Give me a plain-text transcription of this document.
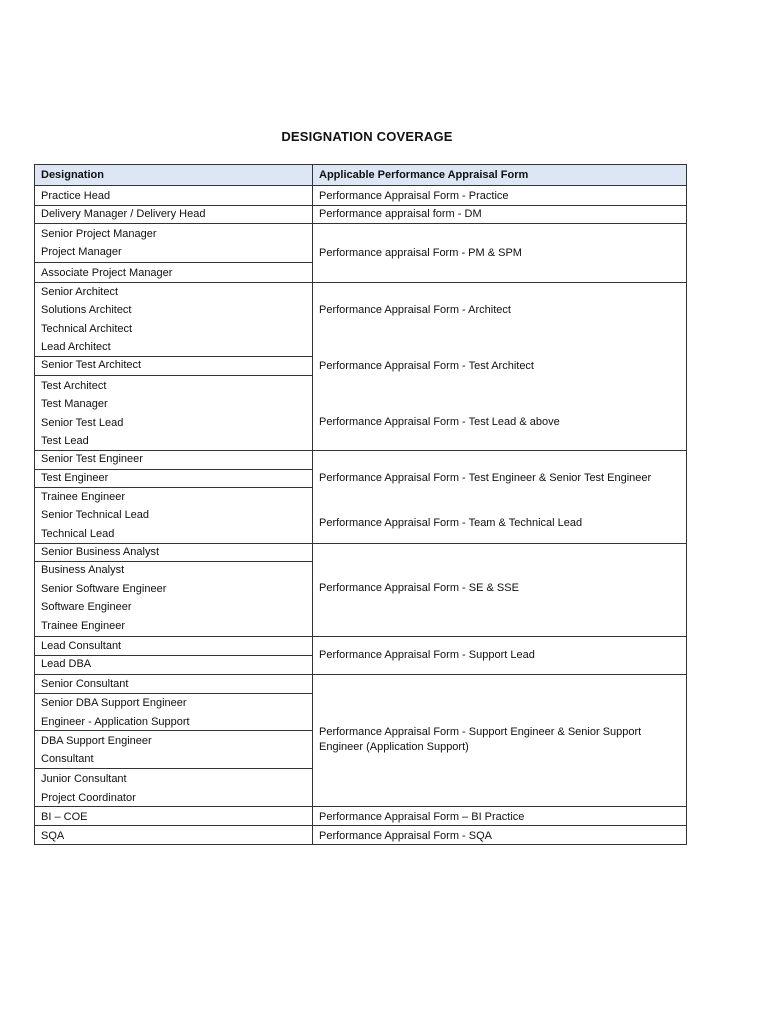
DESIGNATION COVERAGE
Designation	Applicable Performance Appraisal Form
Practice Head
Delivery Manager / Delivery Head
Senior Project Manager
Project Manager
Associate Project Manager
Senior Architect
Solutions Architect
Technical Architect
Lead Architect
Senior Test Architect
Test Architect
Test Manager
Senior Test Lead
Test Lead
Senior Test Engineer
Test Engineer
Trainee Engineer
Senior Technical Lead
Technical Lead
Senior Business Analyst
Business Analyst
Senior Software Engineer
Software Engineer
Trainee Engineer
Lead Consultant
Lead DBA
Senior Consultant
Senior DBA Support Engineer
Engineer - Application Support
DBA Support Engineer
Consultant
Junior Consultant
Project Coordinator
BI – COE
SQA
Performance Appraisal Form - Practice
Performance appraisal form - DM
Performance appraisal Form - PM & SPM
Performance Appraisal Form - Architect
Performance Appraisal Form - Test Architect
Performance Appraisal Form - Test Lead & above
Performance Appraisal Form - Test Engineer & Senior Test Engineer
Performance Appraisal Form - Team & Technical Lead
Performance Appraisal Form - SE & SSE
Performance Appraisal Form - Support Lead
Performance Appraisal Form - Support Engineer & Senior Support Engineer (Application Support)
Performance Appraisal Form – BI Practice
Performance Appraisal Form - SQA
